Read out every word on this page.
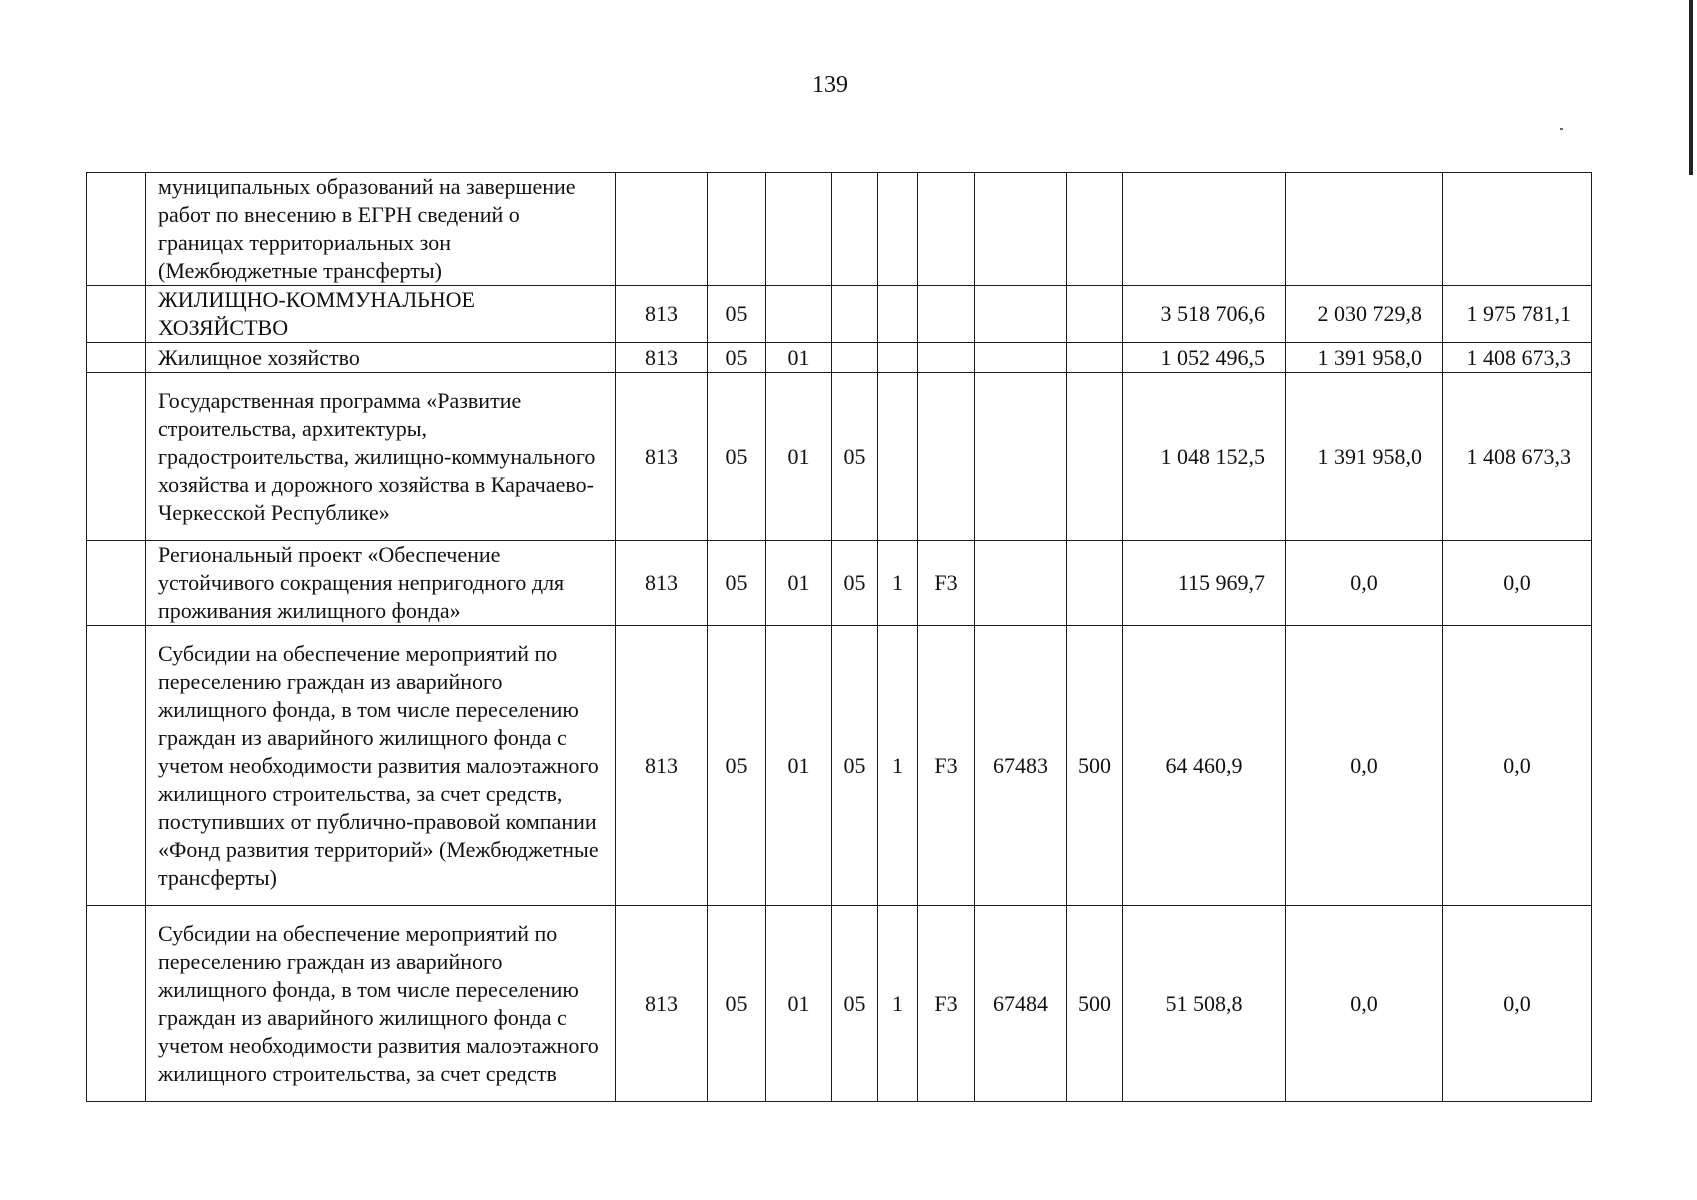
139
	муниципальных образований на завершение работ по внесению в ЕГРН сведений о границах территориальных зон (Межбюджетные трансферты)											
	ЖИЛИЩНО-КОММУНАЛЬНОЕ ХОЗЯЙСТВО	813	05							3 518 706,6	2 030 729,8	1 975 781,1
	Жилищное хозяйство	813	05	01						1 052 496,5	1 391 958,0	1 408 673,3
	Государственная программа «Развитие строительства, архитектуры, градостроительства, жилищно-коммунального хозяйства и дорожного хозяйства в Карачаево-Черкесской Республике»	813	05	01	05					1 048 152,5	1 391 958,0	1 408 673,3
	Региональный проект «Обеспечение устойчивого сокращения непригодного для проживания жилищного фонда»	813	05	01	05	1	F3			115 969,7	0,0	0,0
	Субсидии на обеспечение мероприятий по переселению граждан из аварийного жилищного фонда, в том числе переселению граждан из аварийного жилищного фонда с учетом необходимости развития малоэтажного жилищного строительства, за счет средств, поступивших от публично-правовой компании «Фонд развития территорий» (Межбюджетные трансферты)	813	05	01	05	1	F3	67483	500	64 460,9	0,0	0,0
	Субсидии на обеспечение мероприятий по переселению граждан из аварийного жилищного фонда, в том числе переселению граждан из аварийного жилищного фонда с учетом необходимости развития малоэтажного жилищного строительства, за счет средств	813	05	01	05	1	F3	67484	500	51 508,8	0,0	0,0
